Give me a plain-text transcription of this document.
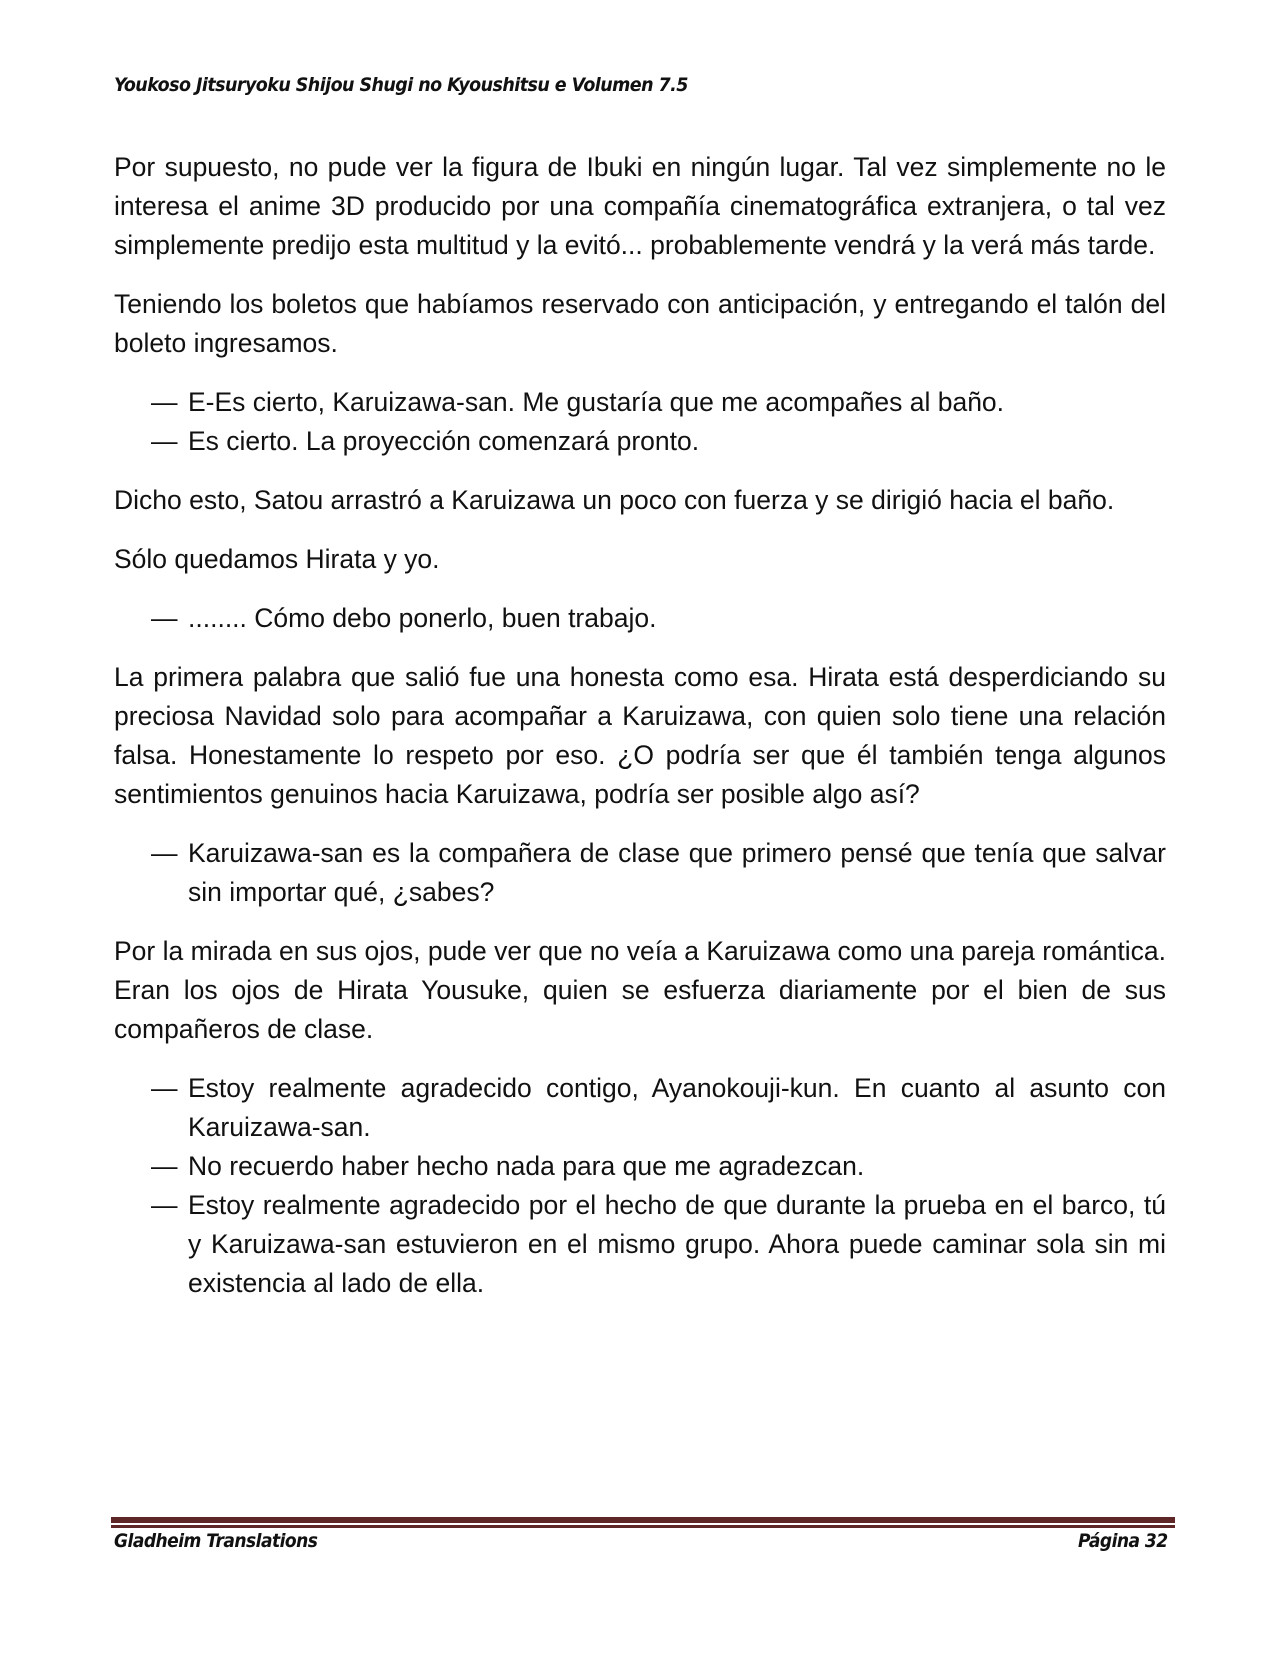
Youkoso Jitsuryoku Shijou Shugi no Kyoushitsu e Volumen 7.5

Por supuesto, no pude ver la figura de Ibuki en ningún lugar. Tal vez simplemente no le interesa el anime 3D producido por una compañía cinematográfica extranjera, o tal vez simplemente predijo esta multitud y la evitó... probablemente vendrá y la verá más tarde.

Teniendo los boletos que habíamos reservado con anticipación, y entregando el talón del boleto ingresamos.

— E-Es cierto, Karuizawa-san. Me gustaría que me acompañes al baño.
— Es cierto. La proyección comenzará pronto.

Dicho esto, Satou arrastró a Karuizawa un poco con fuerza y se dirigió hacia el baño.

Sólo quedamos Hirata y yo.

— ........ Cómo debo ponerlo, buen trabajo.

La primera palabra que salió fue una honesta como esa. Hirata está desperdiciando su preciosa Navidad solo para acompañar a Karuizawa, con quien solo tiene una relación falsa. Honestamente lo respeto por eso. ¿O podría ser que él también tenga algunos sentimientos genuinos hacia Karuizawa, podría ser posible algo así?

— Karuizawa-san es la compañera de clase que primero pensé que tenía que salvar sin importar qué, ¿sabes?

Por la mirada en sus ojos, pude ver que no veía a Karuizawa como una pareja romántica. Eran los ojos de Hirata Yousuke, quien se esfuerza diariamente por el bien de sus compañeros de clase.

— Estoy realmente agradecido contigo, Ayanokouji-kun. En cuanto al asunto con Karuizawa-san.
— No recuerdo haber hecho nada para que me agradezcan.
— Estoy realmente agradecido por el hecho de que durante la prueba en el barco, tú y Karuizawa-san estuvieron en el mismo grupo. Ahora puede caminar sola sin mi existencia al lado de ella.
Gladheim Translations	Página 32
